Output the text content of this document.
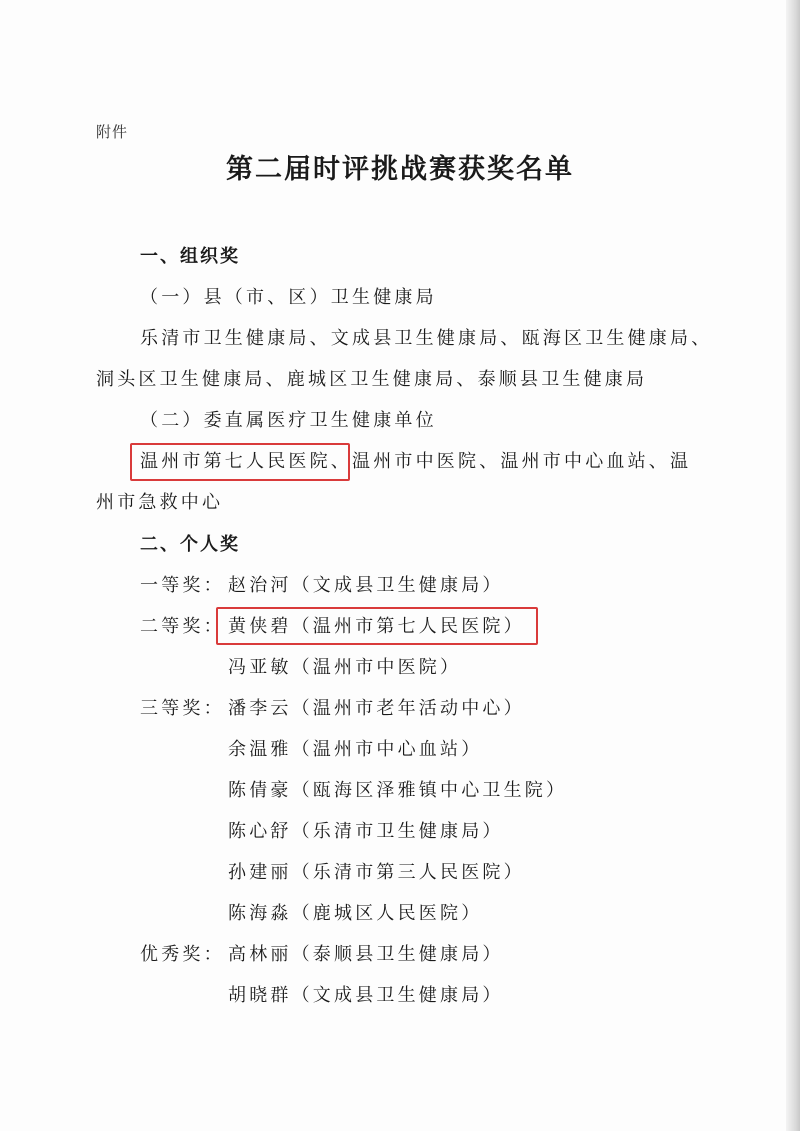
附件
第二届时评挑战赛获奖名单
一、组织奖
（一）县（市、区）卫生健康局
乐清市卫生健康局、文成县卫生健康局、瓯海区卫生健康局、
洞头区卫生健康局、鹿城区卫生健康局、泰顺县卫生健康局
（二）委直属医疗卫生健康单位
温州市第七人民医院、温州市中医院、温州市中心血站、温
州市急救中心
二、个人奖
一等奖： 赵治河（文成县卫生健康局）
二等奖： 黄侠碧（温州市第七人民医院）
冯亚敏（温州市中医院）
三等奖： 潘李云（温州市老年活动中心）
余温雅（温州市中心血站）
陈倩豪（瓯海区泽雅镇中心卫生院）
陈心舒（乐清市卫生健康局）
孙建丽（乐清市第三人民医院）
陈海淼（鹿城区人民医院）
优秀奖： 高林丽（泰顺县卫生健康局）
胡晓群（文成县卫生健康局）
